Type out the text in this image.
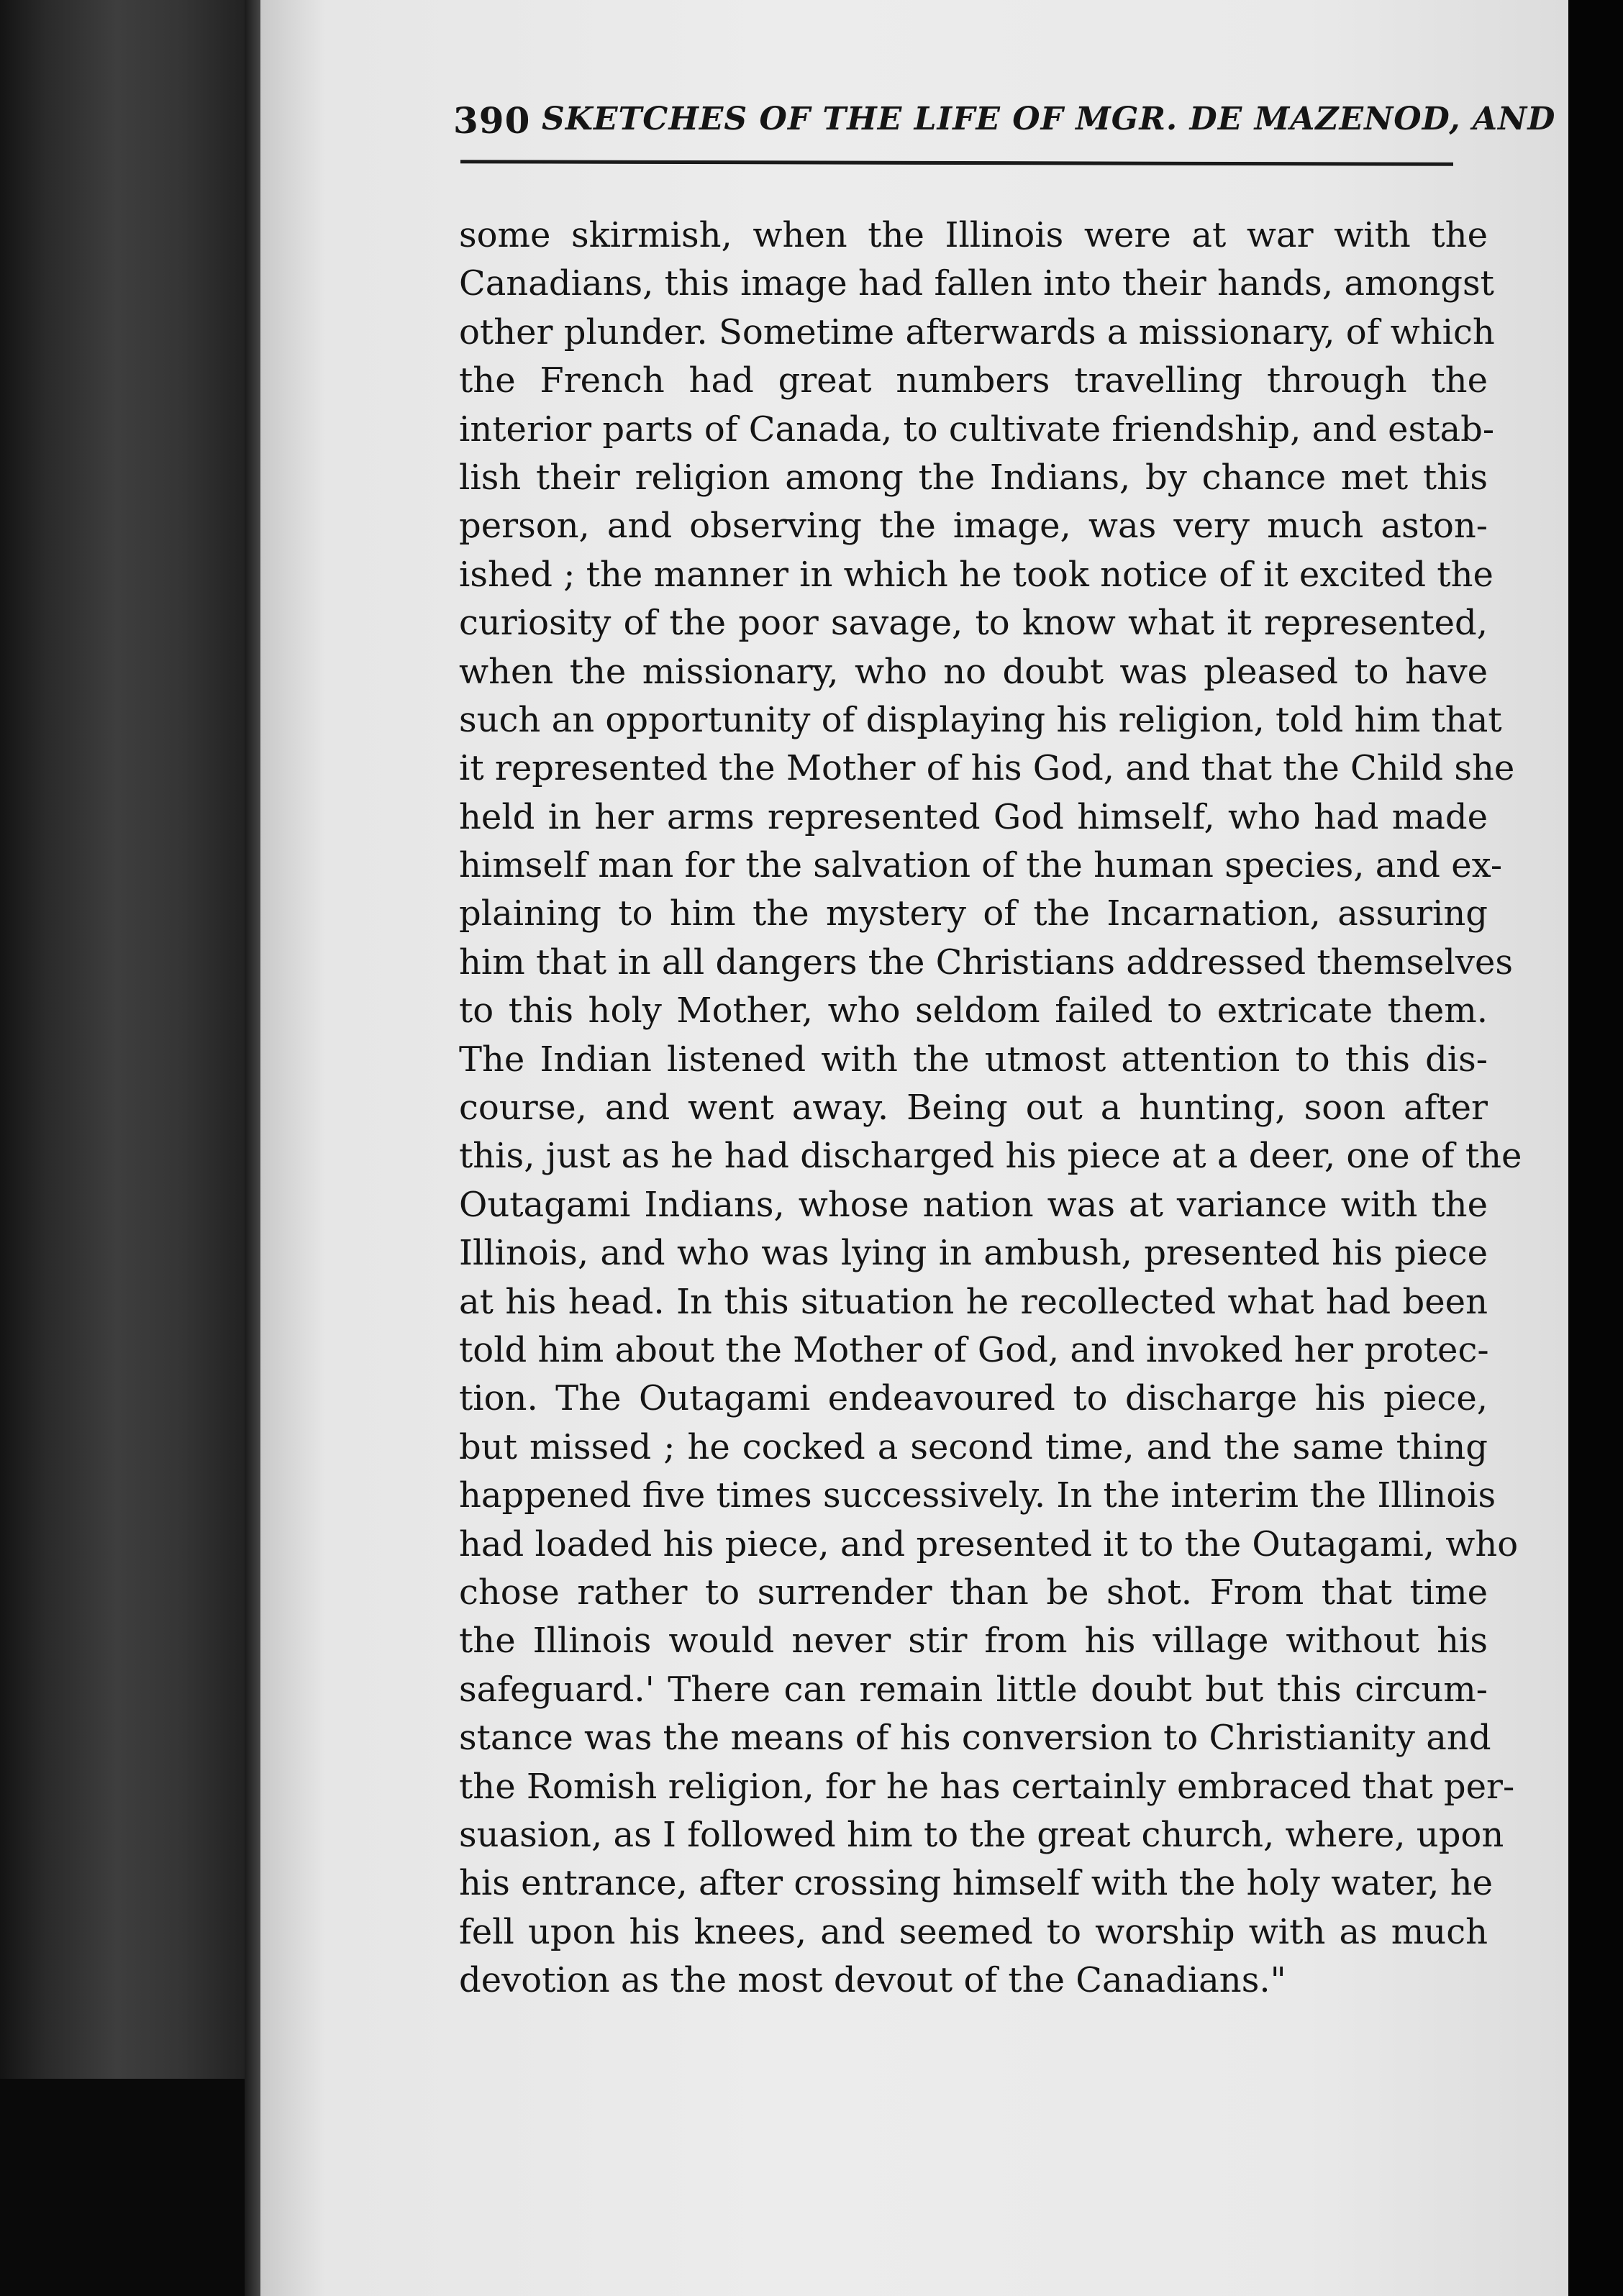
390 SKETCHES OF THE LIFE OF MGR. DE MAZENOD, AND
some skirmish, when the Illinois were at war with the
Canadians, this image had fallen into their hands, amongst
other plunder. Sometime afterwards a missionary, of which
the French had great numbers travelling through the
interior parts of Canada, to cultivate friendship, and estab-
lish their religion among the Indians, by chance met this
person, and observing the image, was very much aston-
ished ; the manner in which he took notice of it excited the
curiosity of the poor savage, to know what it represented,
when the missionary, who no doubt was pleased to have
such an opportunity of displaying his religion, told him that
it represented the Mother of his God, and that the Child she
held in her arms represented God himself, who had made
himself man for the salvation of the human species, and ex-
plaining to him the mystery of the Incarnation, assuring
him that in all dangers the Christians addressed themselves
to this holy Mother, who seldom failed to extricate them.
The Indian listened with the utmost attention to this dis-
course, and went away. Being out a hunting, soon after
this, just as he had discharged his piece at a deer, one of the
Outagami Indians, whose nation was at variance with the
Illinois, and who was lying in ambush, presented his piece
at his head. In this situation he recollected what had been
told him about the Mother of God, and invoked her protec-
tion. The Outagami endeavoured to discharge his piece,
but missed ; he cocked a second time, and the same thing
happened five times successively. In the interim the Illinois
had loaded his piece, and presented it to the Outagami, who
chose rather to surrender than be shot. From that time
the Illinois would never stir from his village without his
safeguard.' There can remain little doubt but this circum-
stance was the means of his conversion to Christianity and
the Romish religion, for he has certainly embraced that per-
suasion, as I followed him to the great church, where, upon
his entrance, after crossing himself with the holy water, he
fell upon his knees, and seemed to worship with as much
devotion as the most devout of the Canadians."
